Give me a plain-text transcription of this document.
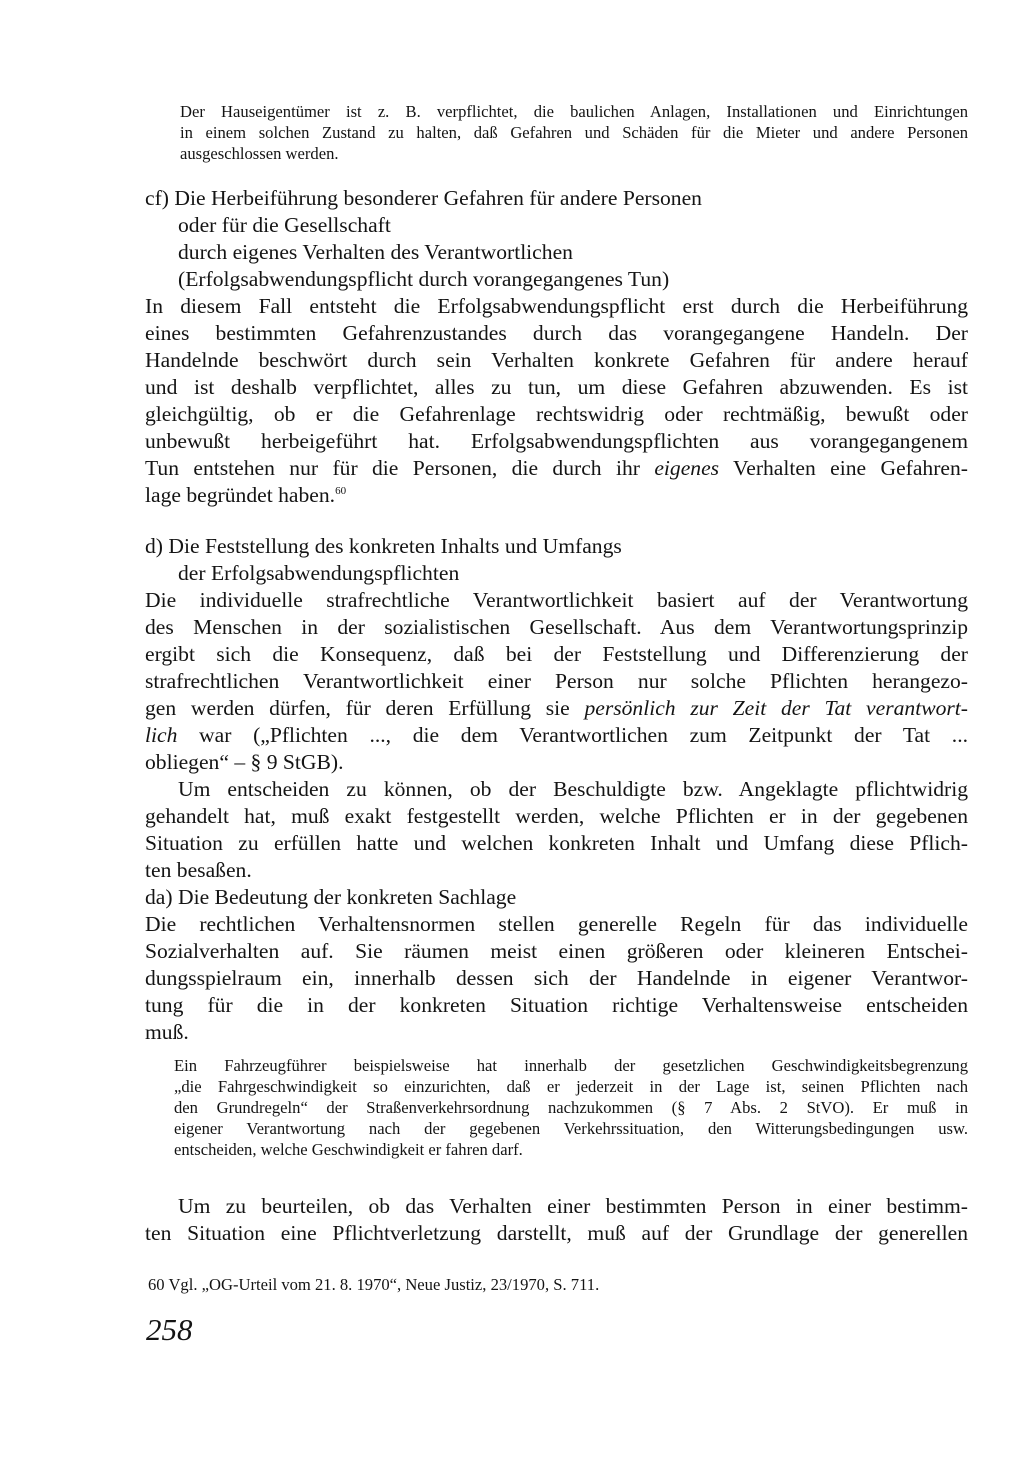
Der Hauseigentümer ist z. B. verpflichtet, die baulichen Anlagen, Installationen und Einrichtungen
in einem solchen Zustand zu halten, daß Gefahren und Schäden für die Mieter und andere Personen
ausgeschlossen werden.
cf) Die Herbeiführung besonderer Gefahren für andere Personen
oder für die Gesellschaft
durch eigenes Verhalten des Verantwortlichen
(Erfolgsabwendungspflicht durch vorangegangenes Tun)
In diesem Fall entsteht die Erfolgsabwendungspflicht erst durch die Herbeiführung
eines bestimmten Gefahrenzustandes durch das vorangegangene Handeln. Der
Handelnde beschwört durch sein Verhalten konkrete Gefahren für andere herauf
und ist deshalb verpflichtet, alles zu tun, um diese Gefahren abzuwenden. Es ist
gleichgültig, ob er die Gefahrenlage rechtswidrig oder rechtmäßig, bewußt oder
unbewußt herbeigeführt hat. Erfolgsabwendungspflichten aus vorangegangenem
Tun entstehen nur für die Personen, die durch ihr eigenes Verhalten eine Gefahren-
lage begründet haben.$^{60}$
d) Die Feststellung des konkreten Inhalts und Umfangs
der Erfolgsabwendungspflichten
Die individuelle strafrechtliche Verantwortlichkeit basiert auf der Verantwortung
des Menschen in der sozialistischen Gesellschaft. Aus dem Verantwortungsprinzip
ergibt sich die Konsequenz, daß bei der Feststellung und Differenzierung der
strafrechtlichen Verantwortlichkeit einer Person nur solche Pflichten herangezo-
gen werden dürfen, für deren Erfüllung sie persönlich zur Zeit der Tat verantwort-
lich war („Pflichten ..., die dem Verantwortlichen zum Zeitpunkt der Tat ...
obliegen“ – § 9 StGB).
Um entscheiden zu können, ob der Beschuldigte bzw. Angeklagte pflichtwidrig
gehandelt hat, muß exakt festgestellt werden, welche Pflichten er in der gegebenen
Situation zu erfüllen hatte und welchen konkreten Inhalt und Umfang diese Pflich-
ten besaßen.
da) Die Bedeutung der konkreten Sachlage
Die rechtlichen Verhaltensnormen stellen generelle Regeln für das individuelle
Sozialverhalten auf. Sie räumen meist einen größeren oder kleineren Entschei-
dungsspielraum ein, innerhalb dessen sich der Handelnde in eigener Verantwor-
tung für die in der konkreten Situation richtige Verhaltensweise entscheiden
muß.
Ein Fahrzeugführer beispielsweise hat innerhalb der gesetzlichen Geschwindigkeitsbegrenzung
„die Fahrgeschwindigkeit so einzurichten, daß er jederzeit in der Lage ist, seinen Pflichten nach
den Grundregeln“ der Straßenverkehrsordnung nachzukommen (§ 7 Abs. 2 StVO). Er muß in
eigener Verantwortung nach der gegebenen Verkehrssituation, den Witterungsbedingungen usw.
entscheiden, welche Geschwindigkeit er fahren darf.
Um zu beurteilen, ob das Verhalten einer bestimmten Person in einer bestimm-
ten Situation eine Pflichtverletzung darstellt, muß auf der Grundlage der generellen
60 Vgl. „OG-Urteil vom 21. 8. 1970“, Neue Justiz, 23/1970, S. 711.
258
